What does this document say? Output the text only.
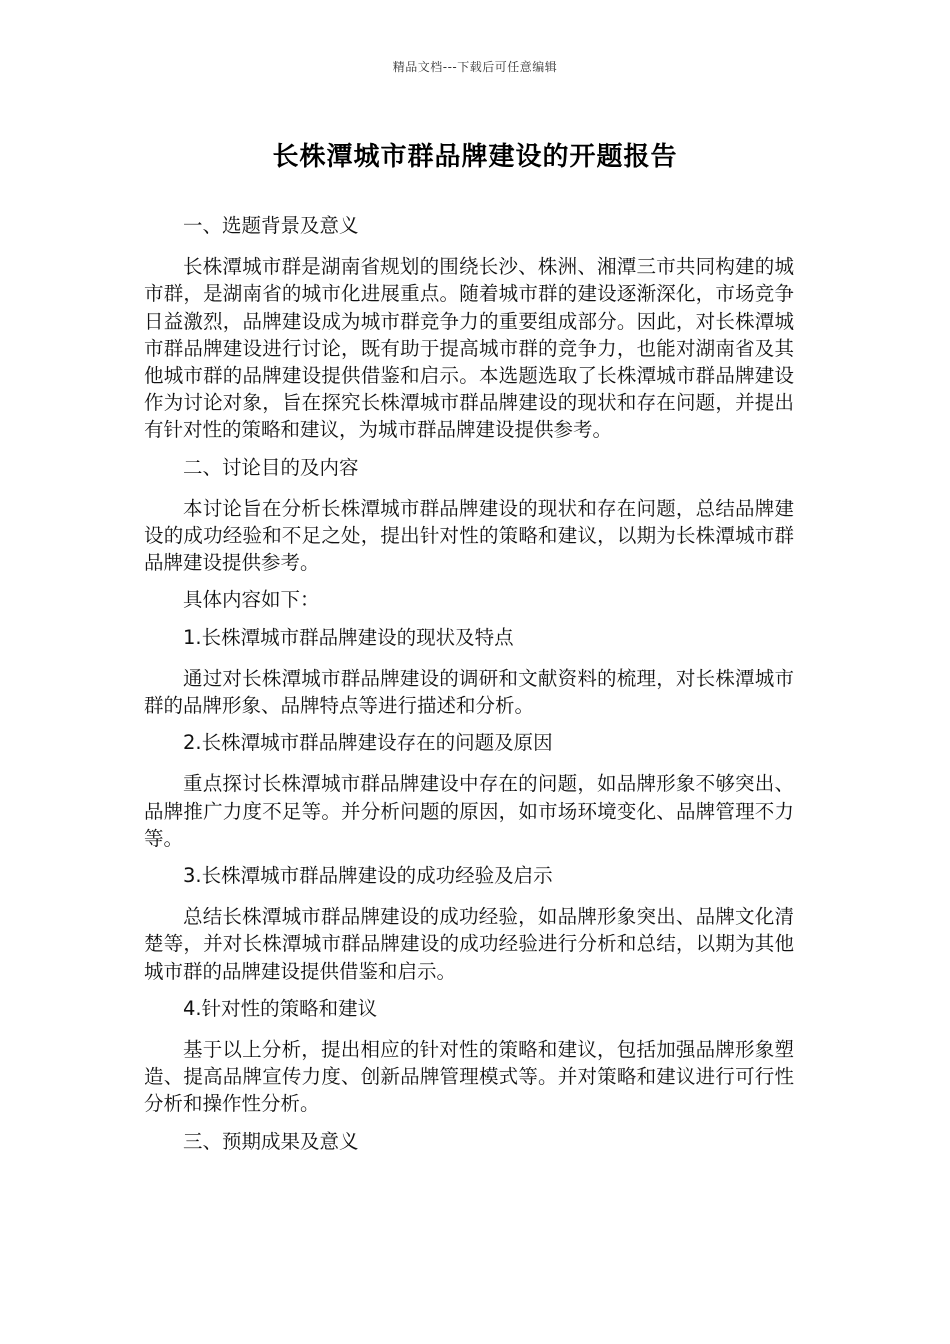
精品文档---下载后可任意编辑
长株潭城市群品牌建设的开题报告

一、选题背景及意义

长株潭城市群是湖南省规划的围绕长沙、株洲、湘潭三市共同构建的城市群，是湖南省的城市化进展重点。随着城市群的建设逐渐深化，市场竞争日益激烈，品牌建设成为城市群竞争力的重要组成部分。因此，对长株潭城市群品牌建设进行讨论，既有助于提高城市群的竞争力，也能对湖南省及其他城市群的品牌建设提供借鉴和启示。本选题选取了长株潭城市群品牌建设作为讨论对象，旨在探究长株潭城市群品牌建设的现状和存在问题，并提出有针对性的策略和建议，为城市群品牌建设提供参考。

二、讨论目的及内容

本讨论旨在分析长株潭城市群品牌建设的现状和存在问题，总结品牌建设的成功经验和不足之处，提出针对性的策略和建议，以期为长株潭城市群品牌建设提供参考。

具体内容如下：

1.长株潭城市群品牌建设的现状及特点

通过对长株潭城市群品牌建设的调研和文献资料的梳理，对长株潭城市群的品牌形象、品牌特点等进行描述和分析。

2.长株潭城市群品牌建设存在的问题及原因

重点探讨长株潭城市群品牌建设中存在的问题，如品牌形象不够突出、品牌推广力度不足等。并分析问题的原因，如市场环境变化、品牌管理不力等。

3.长株潭城市群品牌建设的成功经验及启示

总结长株潭城市群品牌建设的成功经验，如品牌形象突出、品牌文化清楚等，并对长株潭城市群品牌建设的成功经验进行分析和总结，以期为其他城市群的品牌建设提供借鉴和启示。

4.针对性的策略和建议

基于以上分析，提出相应的针对性的策略和建议，包括加强品牌形象塑造、提高品牌宣传力度、创新品牌管理模式等。并对策略和建议进行可行性分析和操作性分析。

三、预期成果及意义
